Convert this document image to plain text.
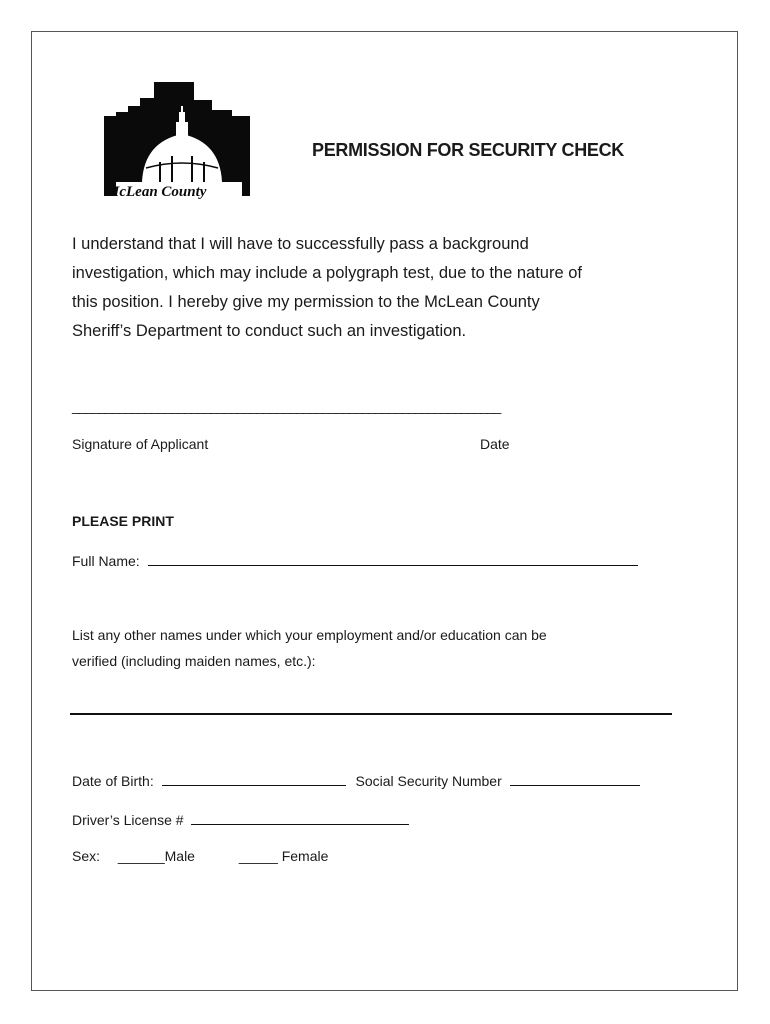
McLean County
PERMISSION FOR SECURITY CHECK
I understand that I will have to successfully pass a background
investigation, which may include a polygraph test, due to the nature of
this position. I hereby give my permission to the McLean County
Sheriff’s Department to conduct such an investigation.
_________________________________________________________________
Signature of Applicant	Date
PLEASE PRINT
Full Name:
List any other names under which your employment and/or education can be
verified (including maiden names, etc.):
Date of Birth:	Social Security Number
Driver’s License #
Sex: ______Male	_____ Female
